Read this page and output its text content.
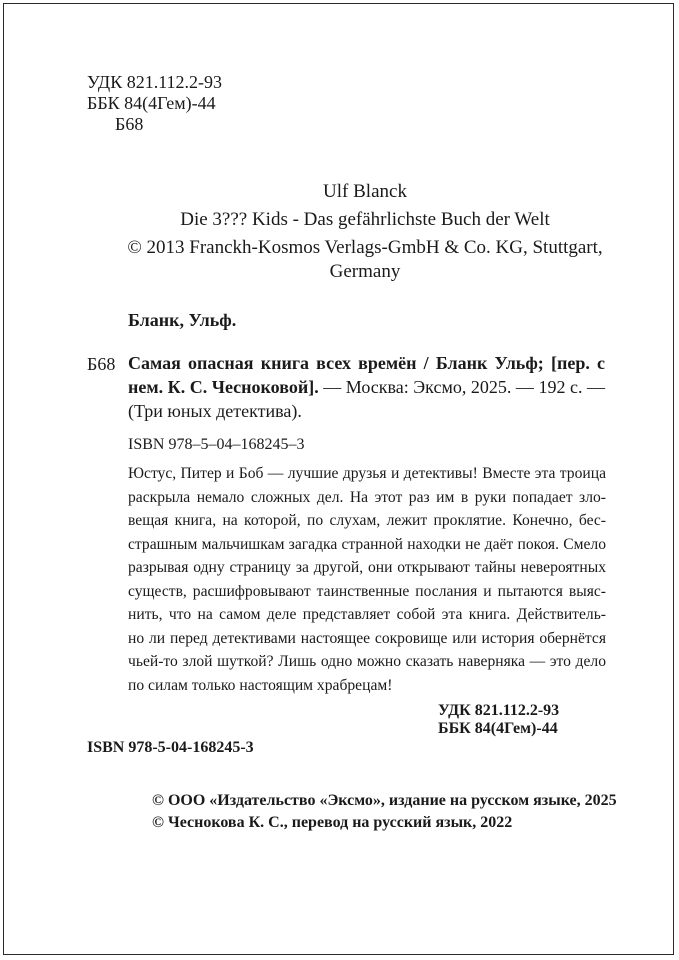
УДК 821.112.2-93
ББК 84(4Гем)-44
Б68
Ulf Blanck
Die 3??? Kids - Das gefährlichste Buch der Welt
© 2013 Franckh-Kosmos Verlags-GmbH & Co. KG, Stuttgart,
Germany
Бланк, Ульф.
Б68 Самая опасная книга всех времён / Бланк Ульф; [пер. с нем. К. С. Чесноковой]. — Москва: Эксмо, 2025. — 192 с. — (Три юных детектива).
ISBN 978–5–04–168245–3
Юстус, Питер и Боб — лучшие друзья и детективы! Вместе эта троица
раскрыла немало сложных дел. На этот раз им в руки попадает зло-
вещая книга, на которой, по слухам, лежит проклятие. Конечно, бес-
страшным мальчишкам загадка странной находки не даёт покоя. Смело
разрывая одну страницу за другой, они открывают тайны невероятных
существ, расшифровывают таинственные послания и пытаются выяс-
нить, что на самом деле представляет собой эта книга. Действитель-
но ли перед детективами настоящее сокровище или история обернётся
чьей-то злой шуткой? Лишь одно можно сказать наверняка — это дело
по силам только настоящим храбрецам!
УДК 821.112.2-93
ББК 84(4Гем)-44
ISBN 978-5-04-168245-3
© ООО «Издательство «Эксмо», издание на русском языке, 2025
© Чеснокова К. С., перевод на русский язык, 2022
